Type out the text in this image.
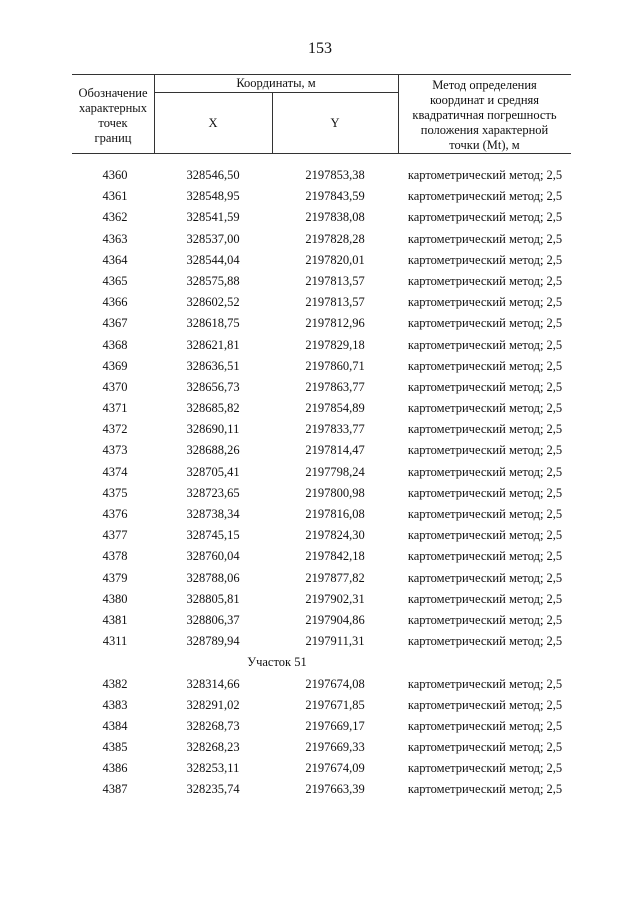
153
Обозначение
характерных
точек
границ
Координаты, м
X	Y
Метод определения
координат и средняя
квадратичная погрешность
положения характерной
точки (Mt), м
4360	328546,50	2197853,38	картометрический метод; 2,5
4361	328548,95	2197843,59	картометрический метод; 2,5
4362	328541,59	2197838,08	картометрический метод; 2,5
4363	328537,00	2197828,28	картометрический метод; 2,5
4364	328544,04	2197820,01	картометрический метод; 2,5
4365	328575,88	2197813,57	картометрический метод; 2,5
4366	328602,52	2197813,57	картометрический метод; 2,5
4367	328618,75	2197812,96	картометрический метод; 2,5
4368	328621,81	2197829,18	картометрический метод; 2,5
4369	328636,51	2197860,71	картометрический метод; 2,5
4370	328656,73	2197863,77	картометрический метод; 2,5
4371	328685,82	2197854,89	картометрический метод; 2,5
4372	328690,11	2197833,77	картометрический метод; 2,5
4373	328688,26	2197814,47	картометрический метод; 2,5
4374	328705,41	2197798,24	картометрический метод; 2,5
4375	328723,65	2197800,98	картометрический метод; 2,5
4376	328738,34	2197816,08	картометрический метод; 2,5
4377	328745,15	2197824,30	картометрический метод; 2,5
4378	328760,04	2197842,18	картометрический метод; 2,5
4379	328788,06	2197877,82	картометрический метод; 2,5
4380	328805,81	2197902,31	картометрический метод; 2,5
4381	328806,37	2197904,86	картометрический метод; 2,5
4311	328789,94	2197911,31	картометрический метод; 2,5
Участок 51
4382	328314,66	2197674,08	картометрический метод; 2,5
4383	328291,02	2197671,85	картометрический метод; 2,5
4384	328268,73	2197669,17	картометрический метод; 2,5
4385	328268,23	2197669,33	картометрический метод; 2,5
4386	328253,11	2197674,09	картометрический метод; 2,5
4387	328235,74	2197663,39	картометрический метод; 2,5
